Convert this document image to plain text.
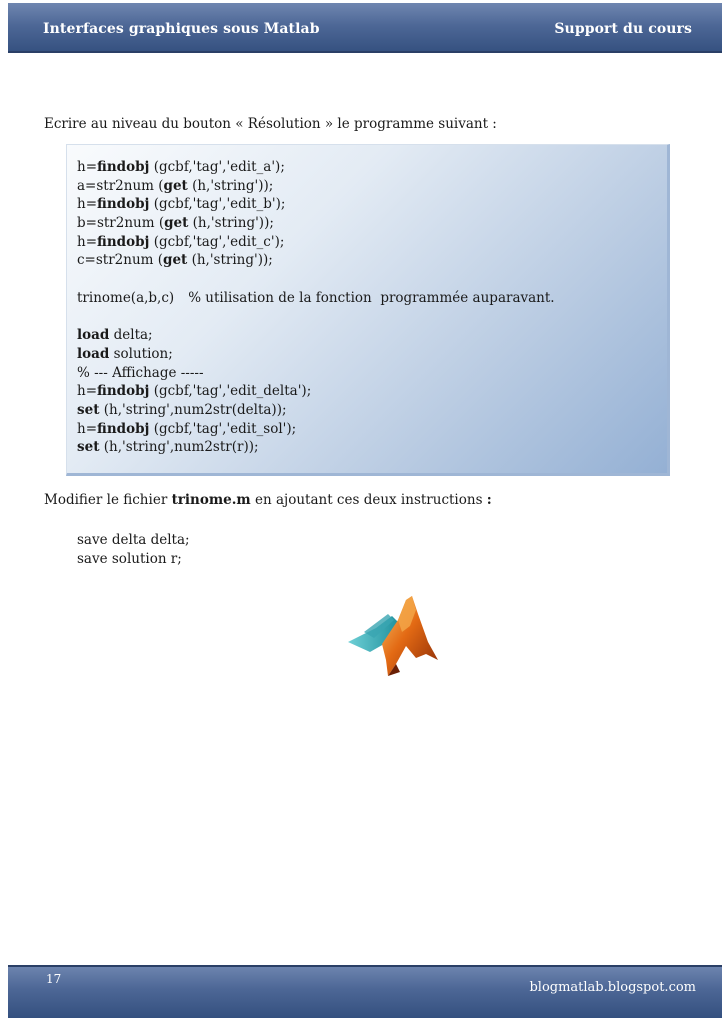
Interfaces graphiques sous Matlab	Support du cours
Ecrire au niveau du bouton « Résolution » le programme suivant :
h=findobj (gcbf,'tag','edit_a');
a=str2num (get (h,'string'));
h=findobj (gcbf,'tag','edit_b');
b=str2num (get (h,'string'));
h=findobj (gcbf,'tag','edit_c');
c=str2num (get (h,'string'));
trinome(a,b,c) % utilisation de la fonction  programmée auparavant.
load delta;
load solution;
% --- Affichage -----
h=findobj (gcbf,'tag','edit_delta');
set (h,'string',num2str(delta));
h=findobj (gcbf,'tag','edit_sol');
set (h,'string',num2str(r));
Modifier le fichier trinome.m en ajoutant ces deux instructions :
save delta delta;
save solution r;
17
blogmatlab.blogspot.com
